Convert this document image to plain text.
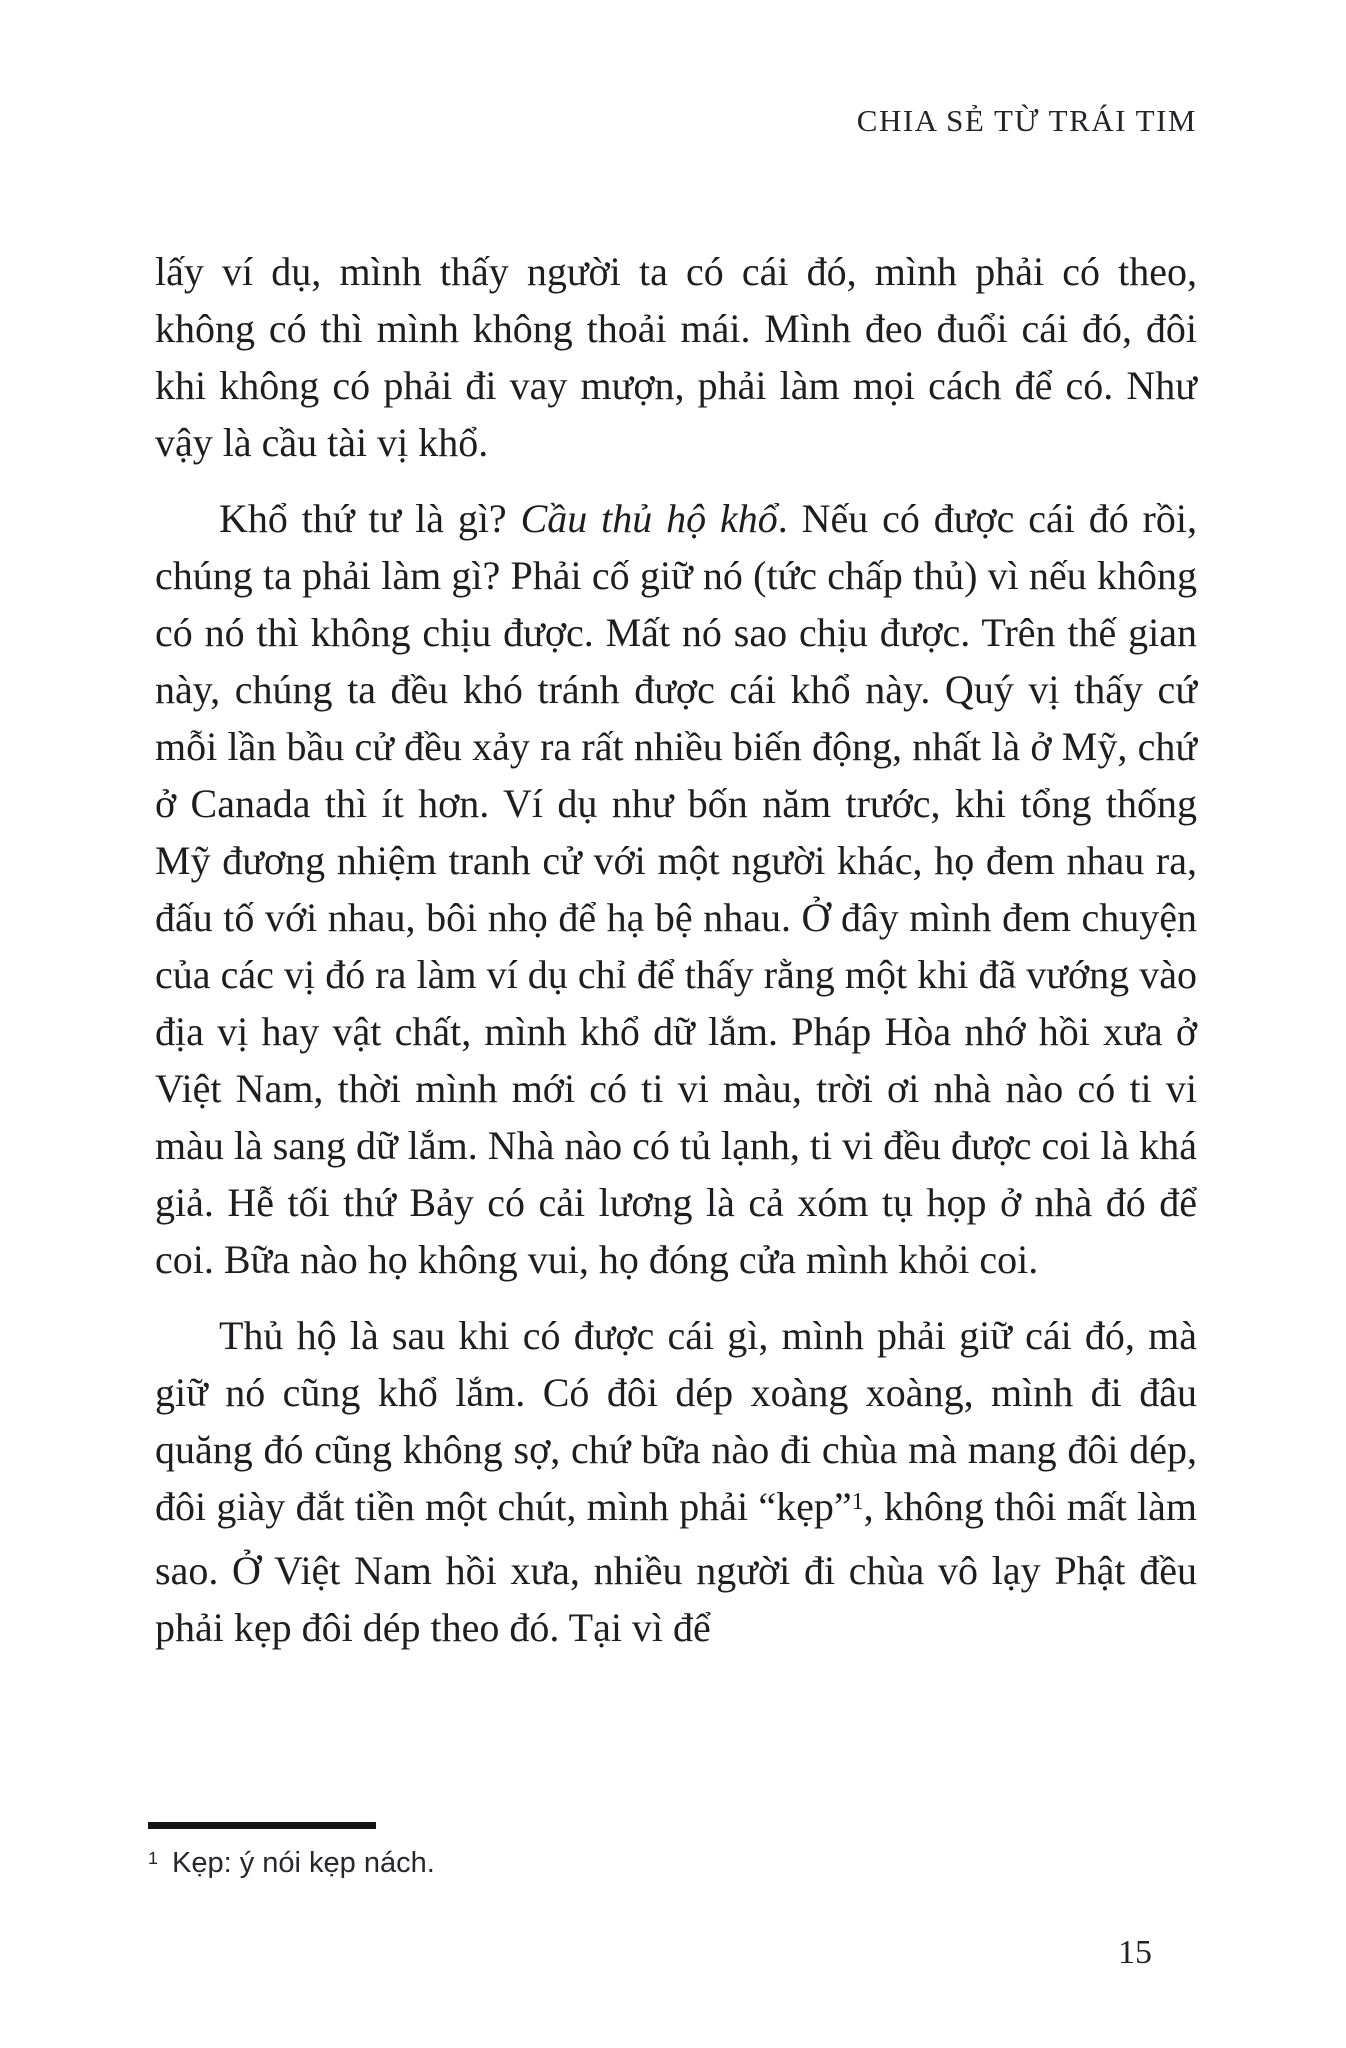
CHIA SẺ TỪ TRÁI TIM

lấy ví dụ, mình thấy người ta có cái đó, mình phải có theo, không có thì mình không thoải mái. Mình đeo đuổi cái đó, đôi khi không có phải đi vay mượn, phải làm mọi cách để có. Như vậy là cầu tài vị khổ.

Khổ thứ tư là gì? Cầu thủ hộ khổ. Nếu có được cái đó rồi, chúng ta phải làm gì? Phải cố giữ nó (tức chấp thủ) vì nếu không có nó thì không chịu được. Mất nó sao chịu được. Trên thế gian này, chúng ta đều khó tránh được cái khổ này. Quý vị thấy cứ mỗi lần bầu cử đều xảy ra rất nhiều biến động, nhất là ở Mỹ, chứ ở Canada thì ít hơn. Ví dụ như bốn năm trước, khi tổng thống Mỹ đương nhiệm tranh cử với một người khác, họ đem nhau ra, đấu tố với nhau, bôi nhọ để hạ bệ nhau. Ở đây mình đem chuyện của các vị đó ra làm ví dụ chỉ để thấy rằng một khi đã vướng vào địa vị hay vật chất, mình khổ dữ lắm. Pháp Hòa nhớ hồi xưa ở Việt Nam, thời mình mới có ti vi màu, trời ơi nhà nào có ti vi màu là sang dữ lắm. Nhà nào có tủ lạnh, ti vi đều được coi là khá giả. Hễ tối thứ Bảy có cải lương là cả xóm tụ họp ở nhà đó để coi. Bữa nào họ không vui, họ đóng cửa mình khỏi coi.

Thủ hộ là sau khi có được cái gì, mình phải giữ cái đó, mà giữ nó cũng khổ lắm. Có đôi dép xoàng xoàng, mình đi đâu quăng đó cũng không sợ, chứ bữa nào đi chùa mà mang đôi dép, đôi giày đắt tiền một chút, mình phải “kẹp”$^1$, không thôi mất làm sao. Ở Việt Nam hồi xưa, nhiều người đi chùa vô lạy Phật đều phải kẹp đôi dép theo đó. Tại vì để

$^1$ Kẹp: ý nói kẹp nách.
15
